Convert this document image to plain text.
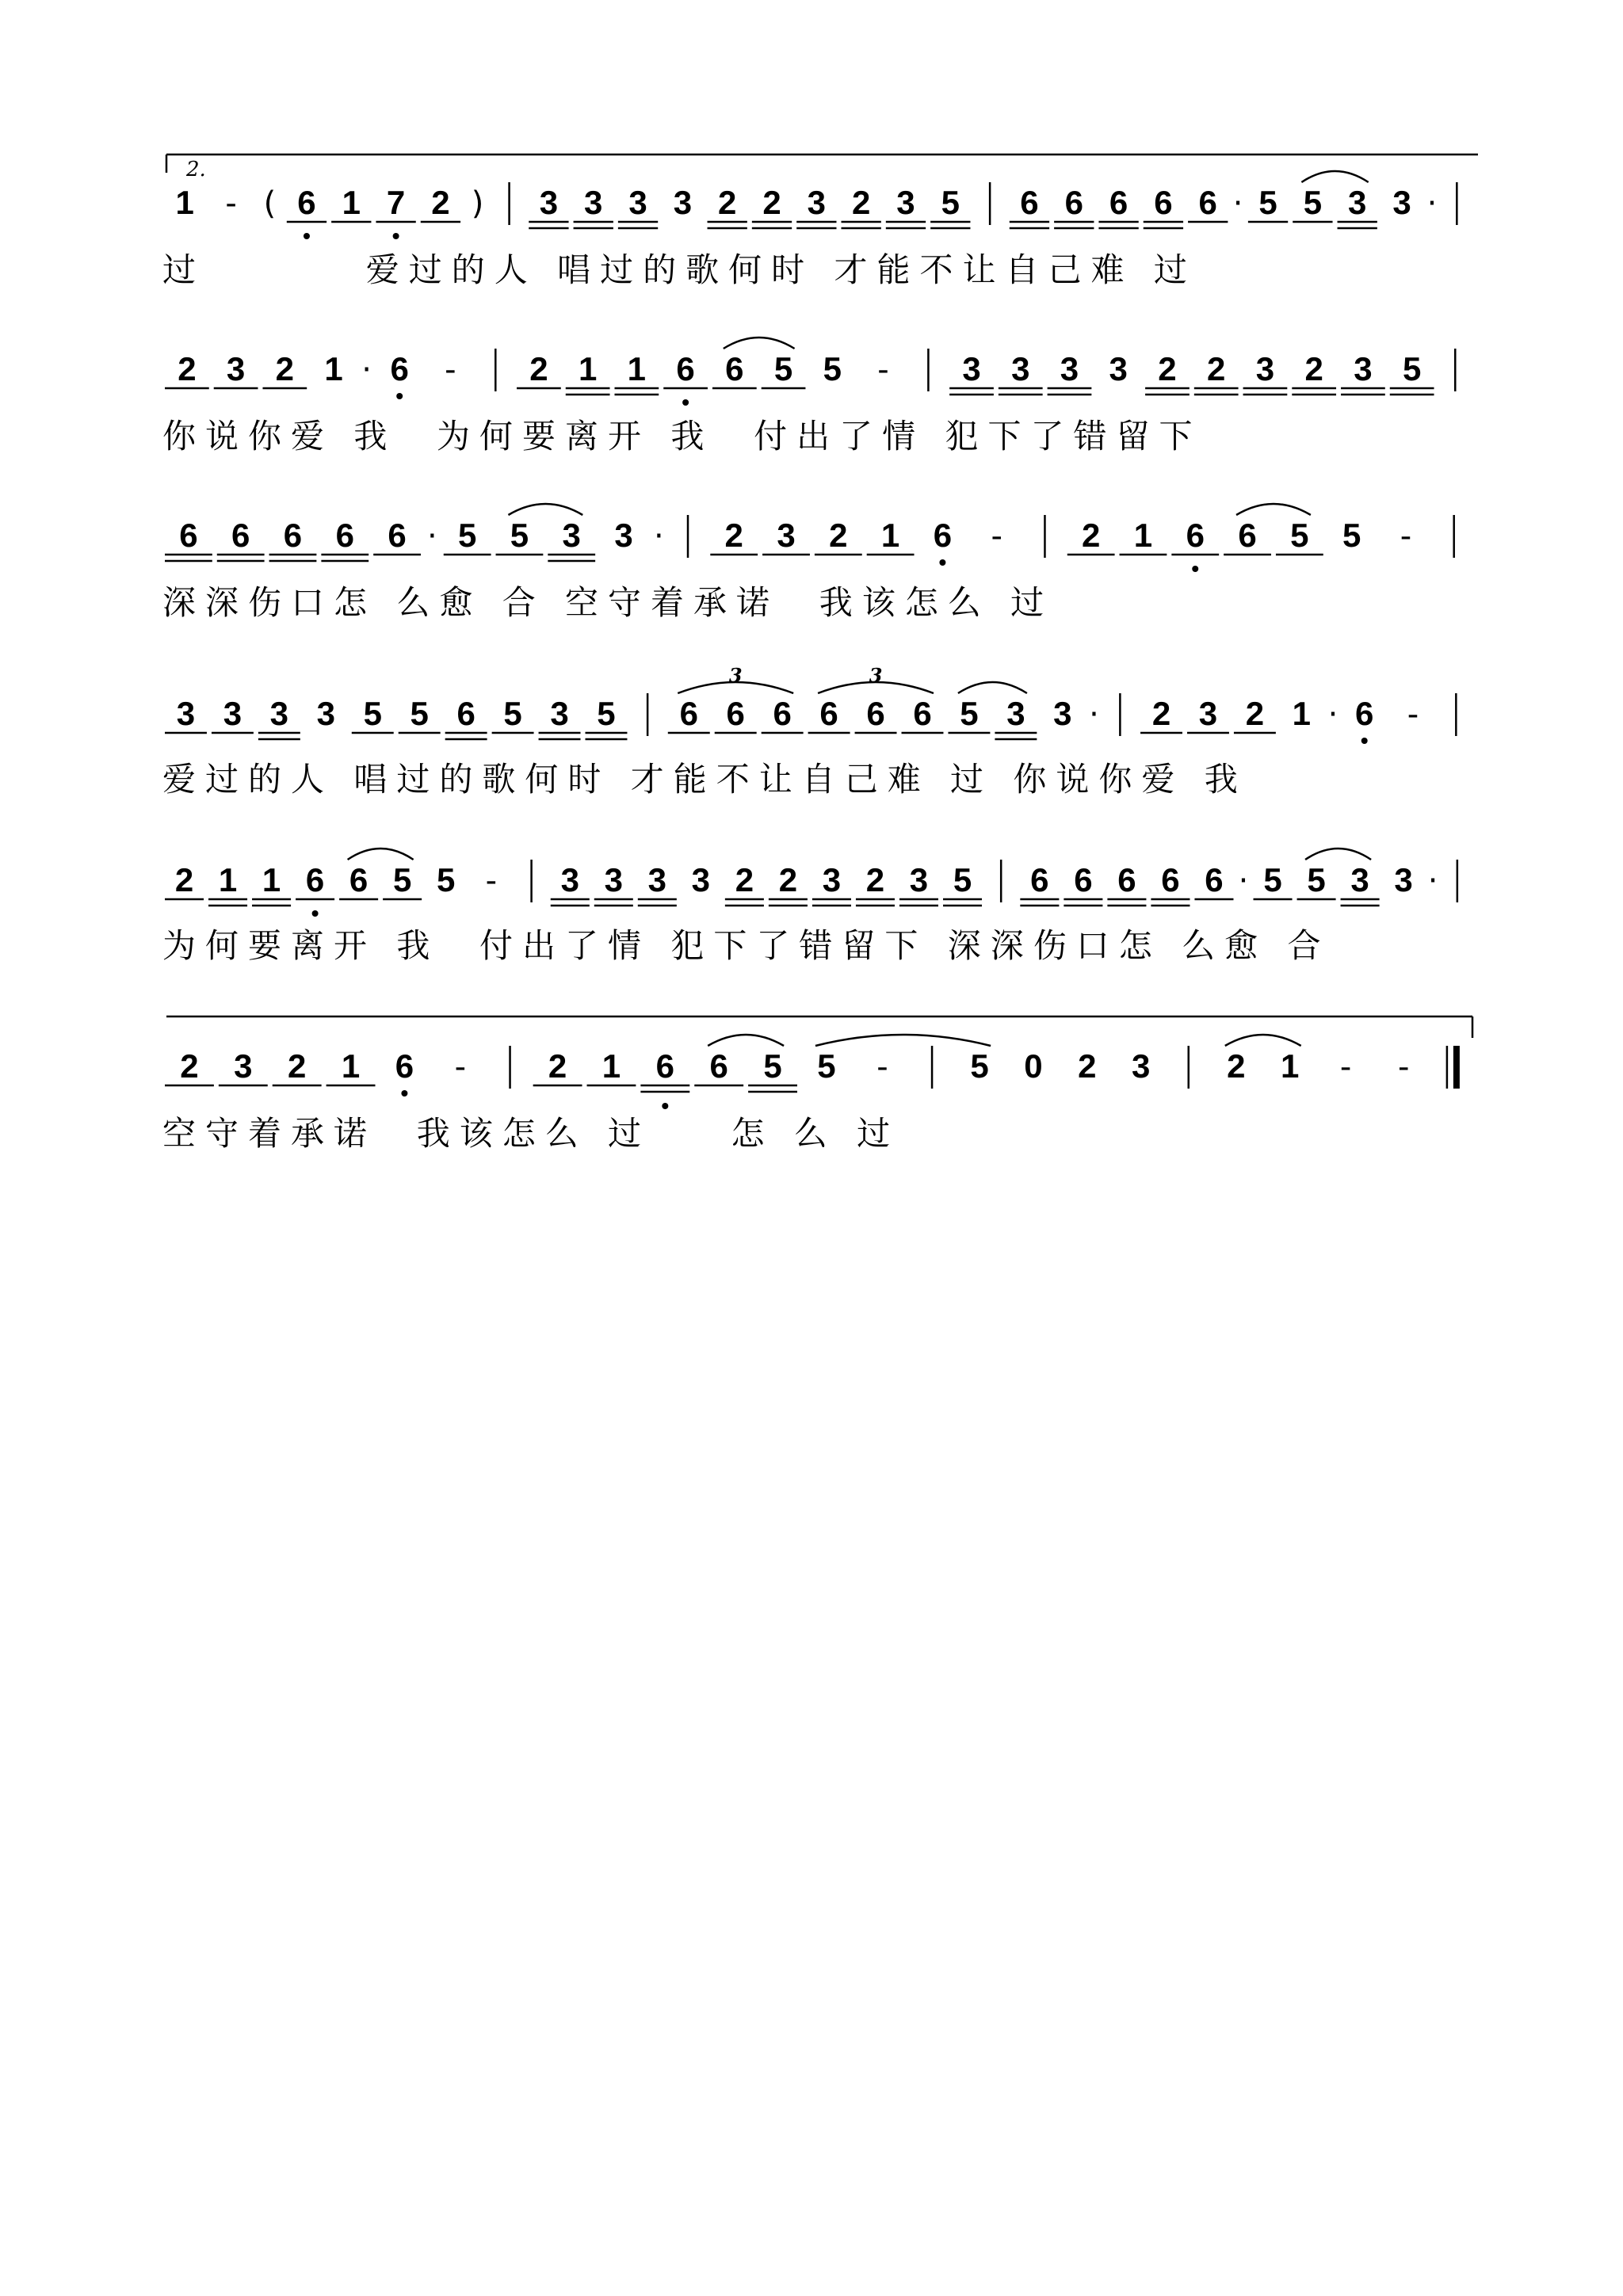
2.
1 - ( 6 1 7 2 ) 3 3 3 3 2 2 3 2 3 5 6 6 6 6 6 · 5 5 3 3 ·
过        爱过的人 唱过的歌何时 才能不让自己难 过
2 3 2 1 · 6 - 2 1 1 6 6 5 5 - 3 3 3 3 2 2 3 2 3 5
你说你爱 我  为何要离开 我  付出了情 犯下了错留下
6 6 6 6 6 · 5 5 3 3 · 2 3 2 1 6 - 2 1 6 6 5 5 -
深深伤口怎 么愈 合 空守着承诺  我该怎么 过
3 3 3 3 5 5 6 5 3 5 6 6 6 6 6 6 5 3 3 · 2 3 2 1 · 6 -
3	3
爱过的人 唱过的歌何时 才能不让自己难 过 你说你爱 我
2 1 1 6 6 5 5 - 3 3 3 3 2 2 3 2 3 5 6 6 6 6 6 · 5 5 3 3 ·
为何要离开 我  付出了情 犯下了错留下 深深伤口怎 么愈 合
2 3 2 1 6 - 2 1 6 6 5 5 - 5 0 2 3 2 1 - -
空守着承诺  我该怎么 过    怎 么 过
